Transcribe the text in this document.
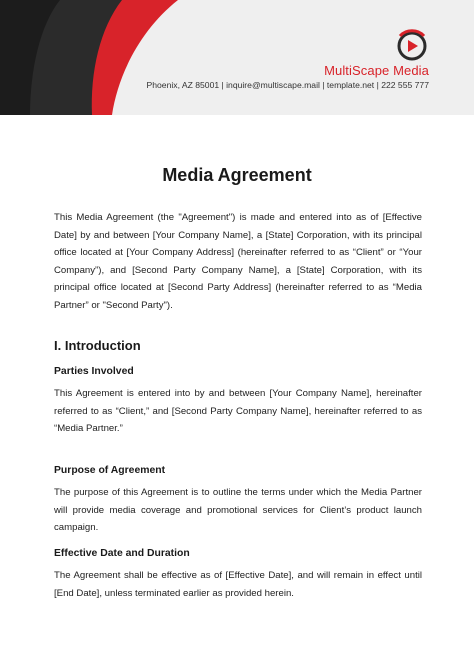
MultiScape Media
Phoenix, AZ 85001 | inquire@multiscape.mail | template.net | 222 555 777
Media Agreement

This Media Agreement (the "Agreement") is made and entered into as of [Effective Date] by and between [Your Company Name], a [State] Corporation, with its principal office located at [Your Company Address] (hereinafter referred to as “Client” or “Your Company”), and [Second Party Company Name], a [State] Corporation, with its principal office located at [Second Party Address] (hereinafter referred to as “Media Partner” or "Second Party").

I. Introduction
Parties Involved

This Agreement is entered into by and between [Your Company Name], hereinafter referred to as “Client,” and [Second Party Company Name], hereinafter referred to as “Media Partner.”

Purpose of Agreement

The purpose of this Agreement is to outline the terms under which the Media Partner will provide media coverage and promotional services for Client’s product launch campaign.

Effective Date and Duration

The Agreement shall be effective as of [Effective Date], and will remain in effect until [End Date], unless terminated earlier as provided herein.
